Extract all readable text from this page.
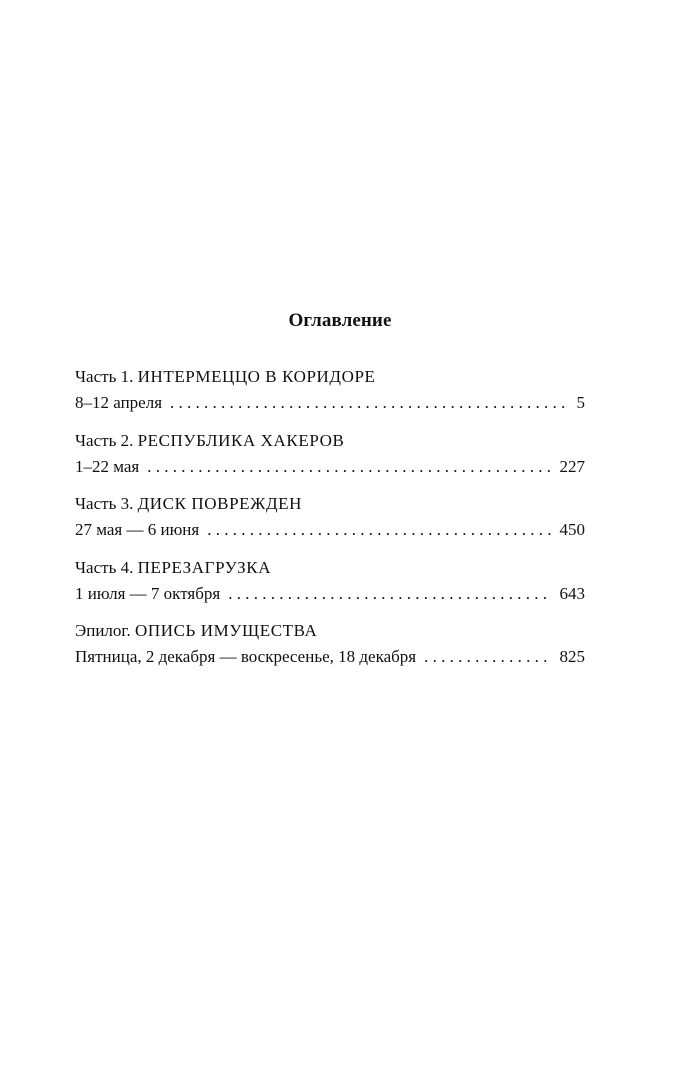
Оглавление
Часть 1. ИНТЕРМЕЦЦО В КОРИДОРЕ
8–12 апреля . . .	5
Часть 2. РЕСПУБЛИКА ХАКЕРОВ
1–22 мая . . .	227
Часть 3. ДИСК ПОВРЕЖДЕН
27 мая — 6 июня . . .	450
Часть 4. ПЕРЕЗАГРУЗКА
1 июля — 7 октября . . .	643
Эпилог. ОПИСЬ ИМУЩЕСТВА
Пятница, 2 декабря — воскресенье, 18 декабря . . .	825
